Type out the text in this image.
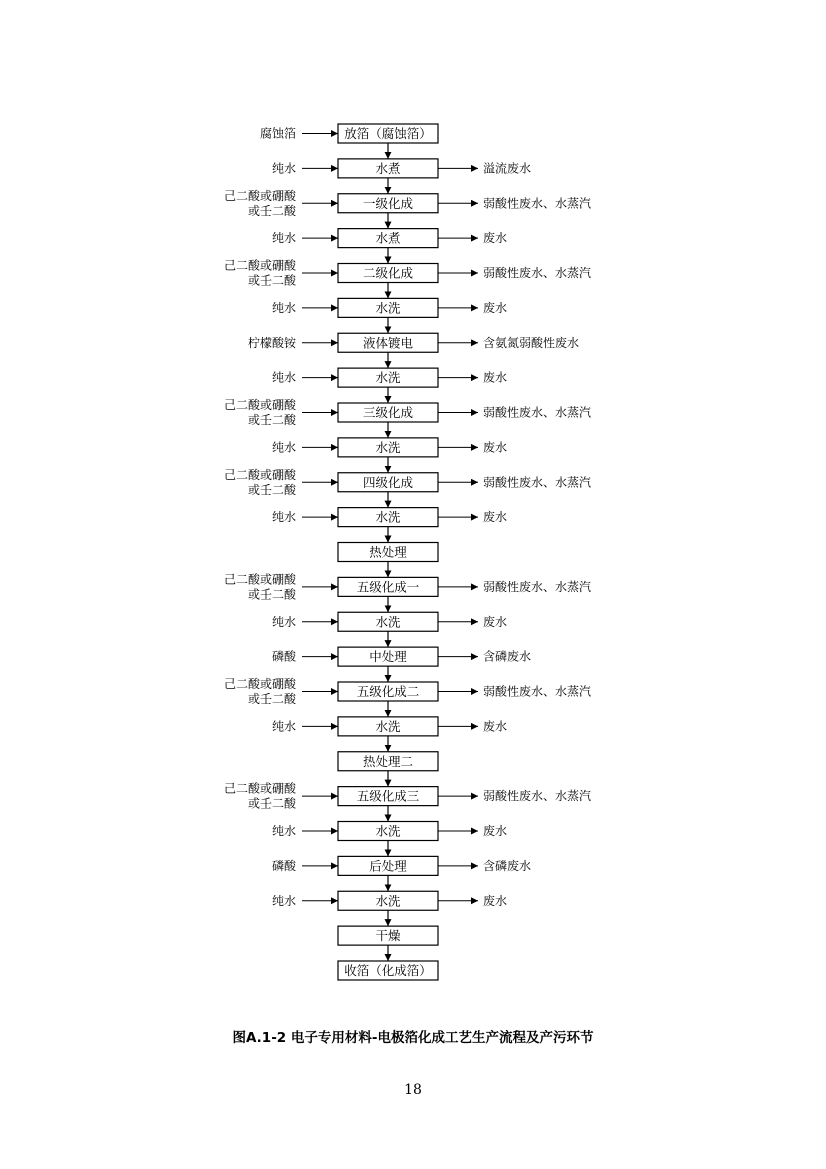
放箔（腐蚀箔）
水煮
一级化成
水煮
二级化成
水洗
液体镀电
水洗
三级化成
水洗
四级化成
水洗
热处理
五级化成一
水洗
中处理
五级化成二
水洗
热处理二
五级化成三
水洗
后处理
水洗
干燥
收箔（化成箔）
腐蚀箔
纯水	溢流废水
己二酸或硼酸
或壬二酸
弱酸性废水、水蒸汽
纯水	废水
己二酸或硼酸
或壬二酸
弱酸性废水、水蒸汽
纯水	废水
柠檬酸铵	含氨氮弱酸性废水
纯水	废水
己二酸或硼酸
或壬二酸
弱酸性废水、水蒸汽
纯水	废水
己二酸或硼酸
或壬二酸
弱酸性废水、水蒸汽
纯水	废水
己二酸或硼酸
或壬二酸
弱酸性废水、水蒸汽
纯水	废水
磷酸	含磷废水
己二酸或硼酸
或壬二酸
弱酸性废水、水蒸汽
纯水	废水
己二酸或硼酸
或壬二酸
弱酸性废水、水蒸汽
纯水	废水
磷酸	含磷废水
纯水	废水
图A.1-2 电子专用材料-电极箔化成工艺生产流程及产污环节
18
